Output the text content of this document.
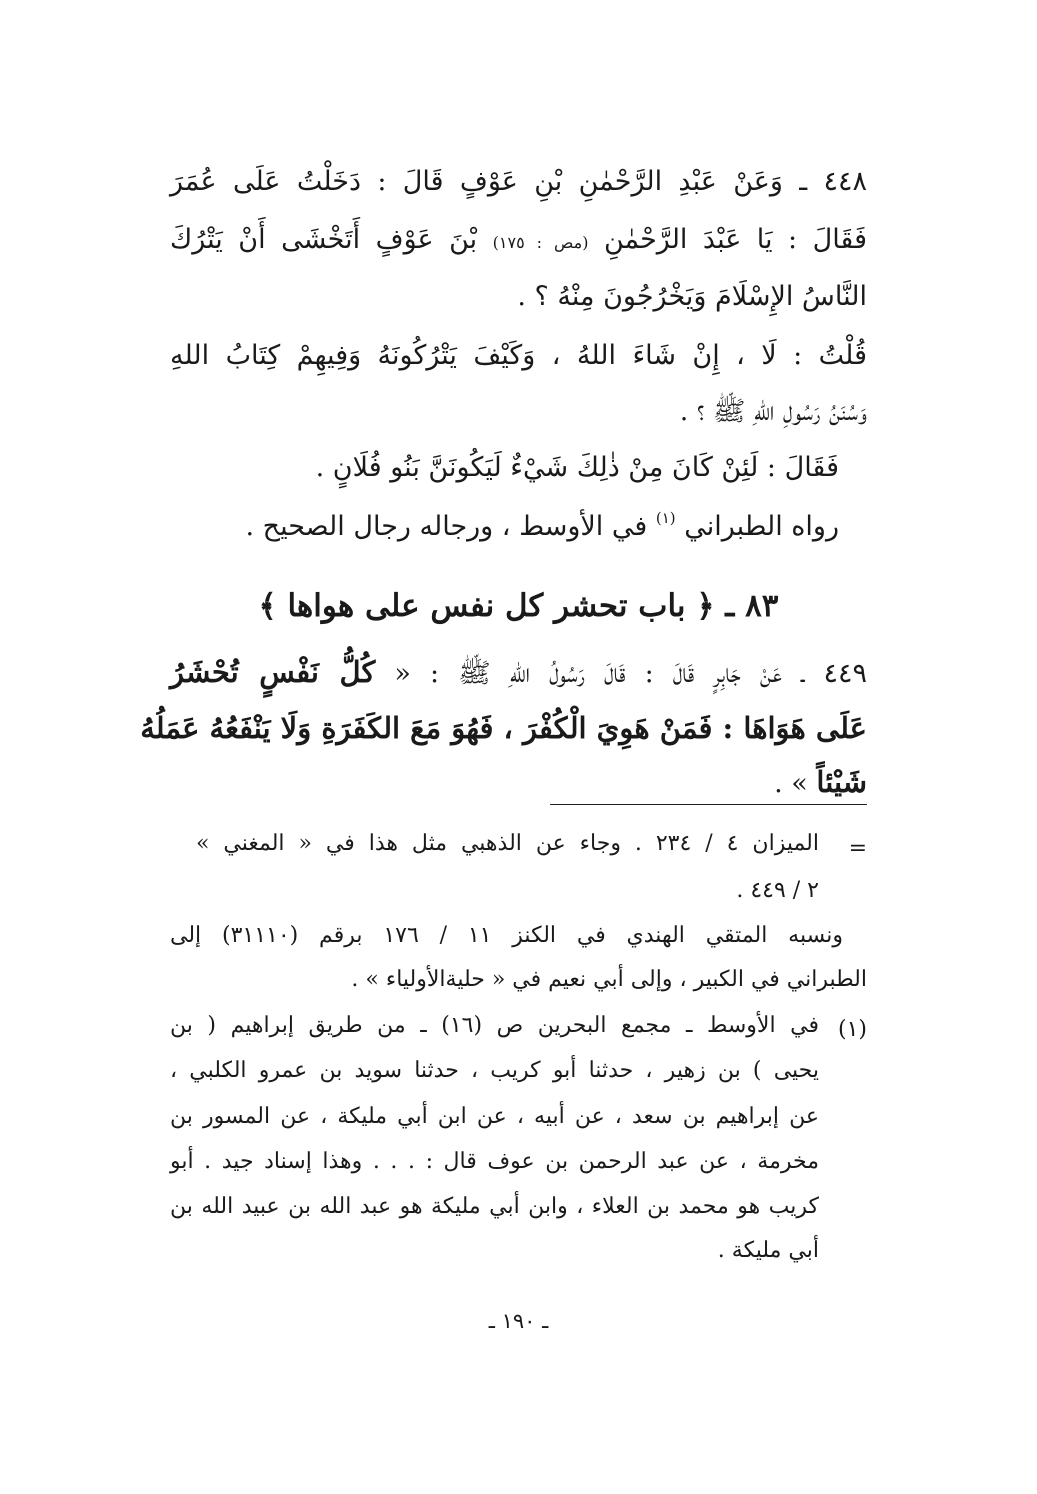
٤٤٨ ـ وَعَنْ عَبْدِ الرَّحْمٰنِ بْنِ عَوْفٍ قَالَ : دَخَلْتُ عَلَى عُمَرَ
فَقَالَ : يَا عَبْدَ الرَّحْمٰنِ (مص : ١٧٥) بْنَ عَوْفٍ أَتَخْشَى أَنْ يَتْرُكَ
النَّاسُ الإِسْلَامَ وَيَخْرُجُونَ مِنْهُ ؟ .
قُلْتُ : لَا ، إِنْ شَاءَ اللهُ ، وَكَيْفَ يَتْرُكُونَهُ وَفِيهِمْ كِتَابُ اللهِ
وَسُنَنُ رَسُولِ اللهِ ﷺ ؟ .
فَقَالَ : لَئِنْ كَانَ مِنْ ذٰلِكَ شَيْءٌ لَيَكُونَنَّ بَنُو فُلَانٍ .
رواه الطبراني $^{(١)}$ في الأوسط ، ورجاله رجال الصحيح .
٨٣ ـ ﴿ باب تحشر كل نفس على هواها ﴾
٤٤٩ ـ عَنْ جَابِرٍ قَالَ : قَالَ رَسُولُ اللهِ ﷺ : « كُلُّ نَفْسٍ تُحْشَرُ
عَلَى هَوَاهَا : فَمَنْ هَوِيَ الْكُفْرَ ، فَهُوَ مَعَ الكَفَرَةِ وَلَا يَنْفَعُهُ عَمَلُهُ
شَيْئاً » .
=
الميزان ٤ / ٢٣٤ . وجاء عن الذهبي مثل هذا في « المغني »
٢ / ٤٤٩ .
ونسبه المتقي الهندي في الكنز ١١ / ١٧٦ برقم (٣١١١٠) إلى
الطبراني في الكبير ، وإلى أبي نعيم في « حليةالأولياء » .
(١)
في الأوسط ـ مجمع البحرين ص (١٦) ـ من طريق إبراهيم ( بن
يحيى ) بن زهير ، حدثنا أبو كريب ، حدثنا سويد بن عمرو الكلبي ،
عن إبراهيم بن سعد ، عن أبيه ، عن ابن أبي مليكة ، عن المسور بن
مخرمة ، عن عبد الرحمن بن عوف قال : . . . وهذا إسناد جيد . أبو
كريب هو محمد بن العلاء ، وابن أبي مليكة هو عبد الله بن عبيد الله بن
أبي مليكة .
ـ ١٩٠ ـ
